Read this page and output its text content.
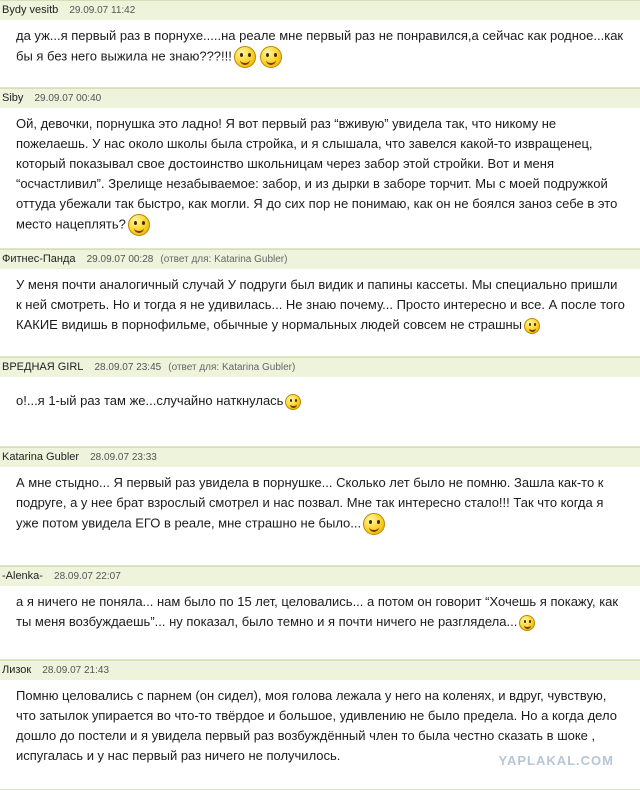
Bydy vesitb 29.09.07 11:42

да уж...я первый раз в порнухе.....на реале мне первый раз не понравился,а сейчас как родное...как бы я без него выжила не знаю???!!!

Siby 29.09.07 00:40

Ой, девочки, порнушка это ладно! Я вот первый раз “вживую” увидела так, что никому не пожелаешь. У нас около школы была стройка, и я слышала, что завелся какой-то извращенец, который показывал свое достоинство школьницам через забор этой стройки. Вот и меня “осчастливил”. Зрелище незабываемое: забор, и из дырки в заборе торчит. Мы с моей подружкой оттуда убежали так быстро, как могли. Я до сих пор не понимаю, как он не боялся заноз себе в это место нацеплять?

Фитнес-Панда 29.09.07 00:28 (ответ для: Katarina Gubler)

У меня почти аналогичный случай У подруги был видик и папины кассеты. Мы специально пришли к ней смотреть. Но и тогда я не удивилась... Не знаю почему... Просто интересно и все. А после того КАКИЕ видишь в порнофильме, обычные у нормальных людей совсем не страшны

ВРЕДНАЯ GIRL 28.09.07 23:45 (ответ для: Katarina Gubler)

о!...я 1-ый раз там же...случайно наткнулась

Katarina Gubler 28.09.07 23:33

А мне стыдно... Я первый раз увидела в порнушке... Сколько лет было не помню. Зашла как-то к подруге, а у нее брат взрослый смотрел и нас позвал. Мне так интересно стало!!! Так что когда я уже потом увидела ЕГО в реале, мне страшно не было...

-Alenka- 28.09.07 22:07

а я ничего не поняла... нам было по 15 лет, целовались... а потом он говорит “Хочешь я покажу, как ты меня возбуждаешь”... ну показал, было темно и я почти ничего не разглядела...

Лизок 28.09.07 21:43

Помню целовались с парнем (он сидел), моя голова лежала у него на коленях, и вдруг, чувствую, что затылок упирается во что-то твёрдое и большое, удивлению не было предела. Но а когда дело дошло до постели и я увидела первый раз возбуждённый член то была честно сказать в шоке , испугалась и у нас первый раз ничего не получилось.	YAPLAKAL.COM
